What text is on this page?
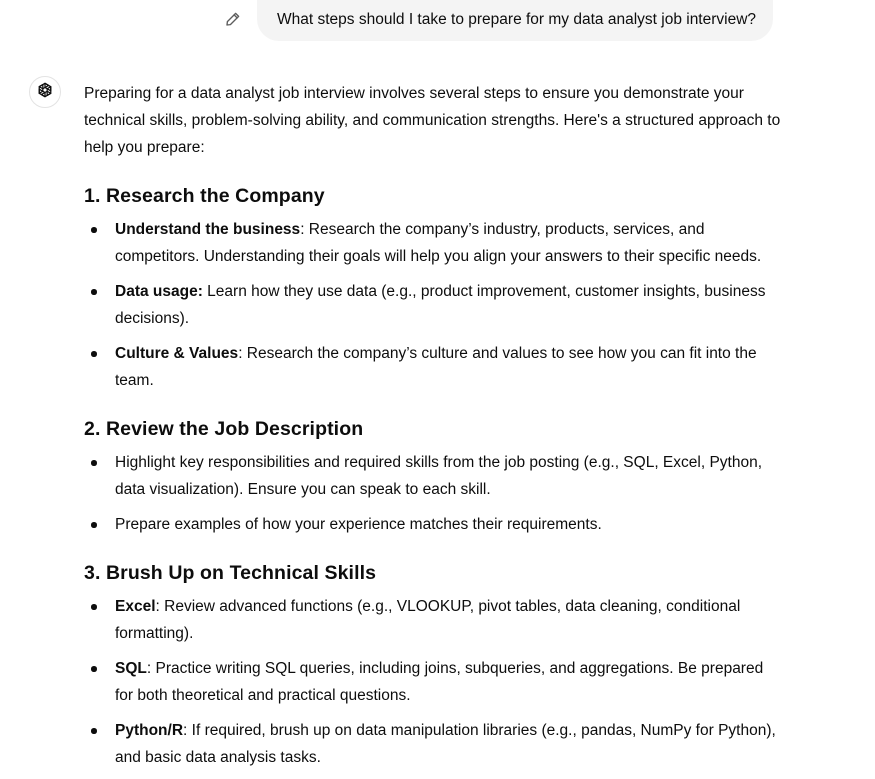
What steps should I take to prepare for my data analyst job interview?

Preparing for a data analyst job interview involves several steps to ensure you demonstrate your technical skills, problem-solving ability, and communication strengths. Here's a structured approach to help you prepare:

1. Research the Company
Understand the business: Research the company’s industry, products, services, and competitors. Understanding their goals will help you align your answers to their specific needs.
Data usage: Learn how they use data (e.g., product improvement, customer insights, business decisions).
Culture & Values: Research the company’s culture and values to see how you can fit into the team.
2. Review the Job Description
Highlight key responsibilities and required skills from the job posting (e.g., SQL, Excel, Python, data visualization). Ensure you can speak to each skill.
Prepare examples of how your experience matches their requirements.
3. Brush Up on Technical Skills
Excel: Review advanced functions (e.g., VLOOKUP, pivot tables, data cleaning, conditional formatting).
SQL: Practice writing SQL queries, including joins, subqueries, and aggregations. Be prepared for both theoretical and practical questions.
Python/R: If required, brush up on data manipulation libraries (e.g., pandas, NumPy for Python), and basic data analysis tasks.
